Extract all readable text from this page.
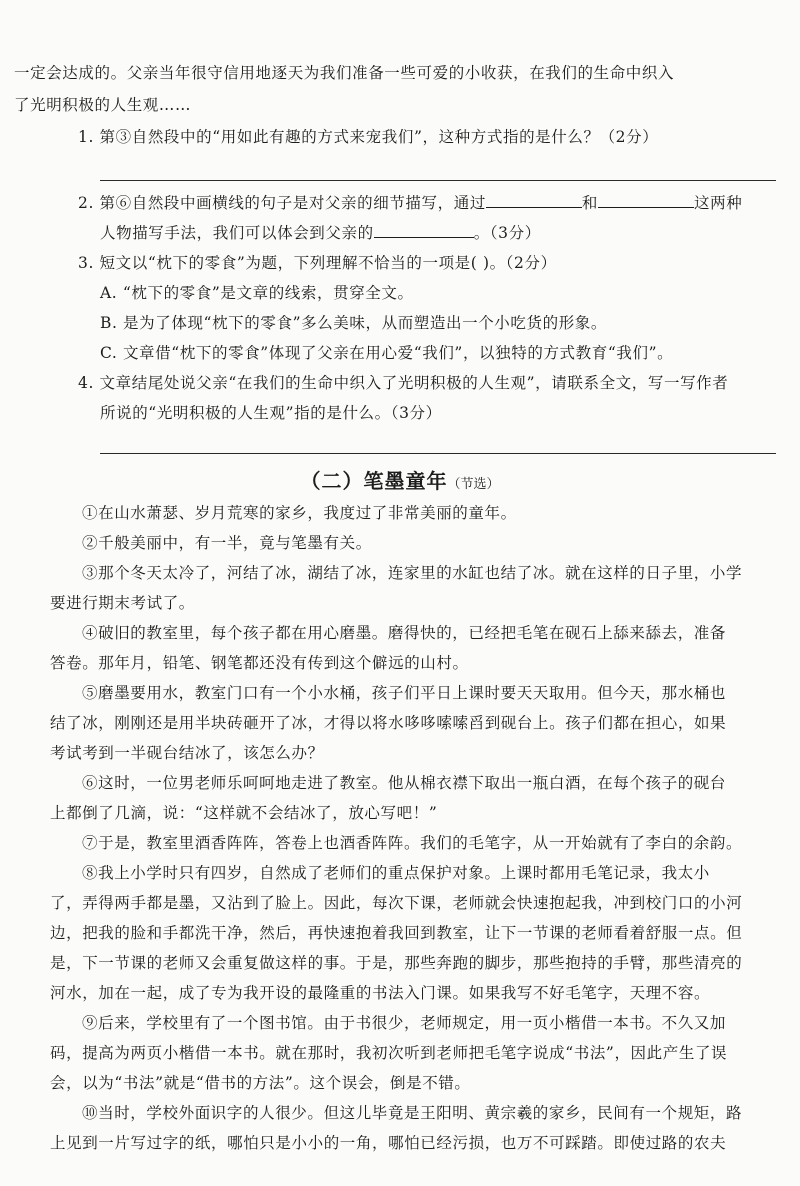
一定会达成的。父亲当年很守信用地逐天为我们准备一些可爱的小收获，在我们的生命中织入
了光明积极的人生观……
1. 第③自然段中的“用如此有趣的方式来宠我们”，这种方式指的是什么？（2分）
2. 第⑥自然段中画横线的句子是对父亲的细节描写，通过	和	这两种
人物描写手法，我们可以体会到父亲的	。（3分）
3. 短文以“枕下的零食”为题，下列理解不恰当的一项是( )。（2分）
A. “枕下的零食”是文章的线索，贯穿全文。
B. 是为了体现“枕下的零食”多么美味，从而塑造出一个小吃货的形象。
C. 文章借“枕下的零食”体现了父亲在用心爱“我们”，以独特的方式教育“我们”。
4. 文章结尾处说父亲“在我们的生命中织入了光明积极的人生观”，请联系全文，写一写作者
所说的“光明积极的人生观”指的是什么。（3分）
（二）笔墨童年（节选）
①在山水萧瑟、岁月荒寒的家乡，我度过了非常美丽的童年。
②千般美丽中，有一半，竟与笔墨有关。
③那个冬天太冷了，河结了冰，湖结了冰，连家里的水缸也结了冰。就在这样的日子里，小学
要进行期末考试了。
④破旧的教室里，每个孩子都在用心磨墨。磨得快的，已经把毛笔在砚石上舔来舔去，准备
答卷。那年月，铅笔、钢笔都还没有传到这个僻远的山村。
⑤磨墨要用水，教室门口有一个小水桶，孩子们平日上课时要天天取用。但今天，那水桶也
结了冰，刚刚还是用半块砖砸开了冰，才得以将水哆哆嗦嗦舀到砚台上。孩子们都在担心，如果
考试考到一半砚台结冰了，该怎么办？
⑥这时，一位男老师乐呵呵地走进了教室。他从棉衣襟下取出一瓶白酒，在每个孩子的砚台
上都倒了几滴，说：“这样就不会结冰了，放心写吧！”
⑦于是，教室里酒香阵阵，答卷上也酒香阵阵。我们的毛笔字，从一开始就有了李白的余韵。
⑧我上小学时只有四岁，自然成了老师们的重点保护对象。上课时都用毛笔记录，我太小
了，弄得两手都是墨，又沾到了脸上。因此，每次下课，老师就会快速抱起我，冲到校门口的小河
边，把我的脸和手都洗干净，然后，再快速抱着我回到教室，让下一节课的老师看着舒服一点。但
是，下一节课的老师又会重复做这样的事。于是，那些奔跑的脚步，那些抱持的手臂，那些清亮的
河水，加在一起，成了专为我开设的最隆重的书法入门课。如果我写不好毛笔字，天理不容。
⑨后来，学校里有了一个图书馆。由于书很少，老师规定，用一页小楷借一本书。不久又加
码，提高为两页小楷借一本书。就在那时，我初次听到老师把毛笔字说成“书法”，因此产生了误
会，以为“书法”就是“借书的方法”。这个误会，倒是不错。
⑩当时，学校外面识字的人很少。但这儿毕竟是王阳明、黄宗羲的家乡，民间有一个规矩，路
上见到一片写过字的纸，哪怕只是小小的一角，哪怕已经污损，也万不可踩踏。即使过路的农夫
